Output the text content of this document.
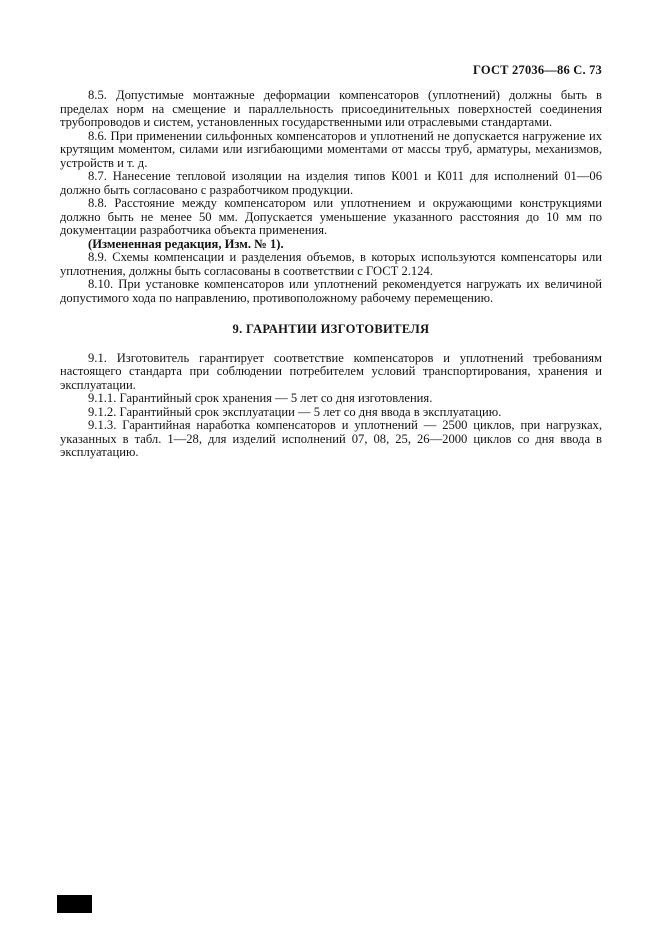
ГОСТ 27036—86 С. 73

8.5. Допустимые монтажные деформации компенсаторов (уплотнений) должны быть в пределах норм на смещение и параллельность присоединительных поверхностей соединения трубопроводов и систем, установленных государственными или отраслевыми стандартами.

8.6. При применении сильфонных компенсаторов и уплотнений не допускается нагружение их крутящим моментом, силами или изгибающими моментами от массы труб, арматуры, механизмов, устройств и т. д.

8.7. Нанесение тепловой изоляции на изделия типов К001 и К011 для исполнений 01—06 должно быть согласовано с разработчиком продукции.

8.8. Расстояние между компенсатором или уплотнением и окружающими конструкциями должно быть не менее 50 мм. Допускается уменьшение указанного расстояния до 10 мм по документации разработчика объекта применения.

(Измененная редакция, Изм. № 1).

8.9. Схемы компенсации и разделения объемов, в которых используются компенсаторы или уплотнения, должны быть согласованы в соответствии с ГОСТ 2.124.

8.10. При установке компенсаторов или уплотнений рекомендуется нагружать их величиной допустимого хода по направлению, противоположному рабочему перемещению.

9. ГАРАНТИИ ИЗГОТОВИТЕЛЯ

9.1. Изготовитель гарантирует соответствие компенсаторов и уплотнений требованиям настоящего стандарта при соблюдении потребителем условий транспортирования, хранения и эксплуатации.

9.1.1. Гарантийный срок хранения — 5 лет со дня изготовления.

9.1.2. Гарантийный срок эксплуатации — 5 лет со дня ввода в эксплуатацию.

9.1.3. Гарантийная наработка компенсаторов и уплотнений — 2500 циклов, при нагрузках, указанных в табл. 1—28, для изделий исполнений 07, 08, 25, 26—2000 циклов со дня ввода в эксплуатацию.
